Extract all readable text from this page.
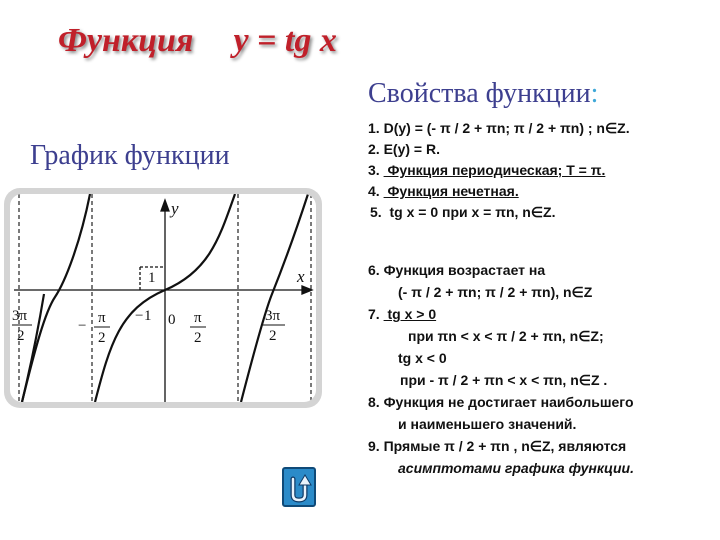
Функция y = tg x
Свойства функции:
График функции
y
x
1
0
3π
2
− π
2
− 1	π
2
3π
2
1. D(y) = (- π / 2 + πn; π / 2 + πn) ; n∈Z.
2. E(y) = R.
3.  Функция периодическая; T = π.
4.  Функция нечетная.
5.  tg x = 0 при x = πn, n∈Z.
6. Функция возрастает на
(- π / 2 + πn; π / 2 + πn), n∈Z
7.  tg x > 0
при πn < x < π / 2 + πn, n∈Z;
tg x < 0
при - π / 2 + πn < x < πn, n∈Z .
8. Функция не достигает наибольшего
и наименьшего значений.
9. Прямые π / 2 + πn , n∈Z, являются
асимптотами графика функции.
